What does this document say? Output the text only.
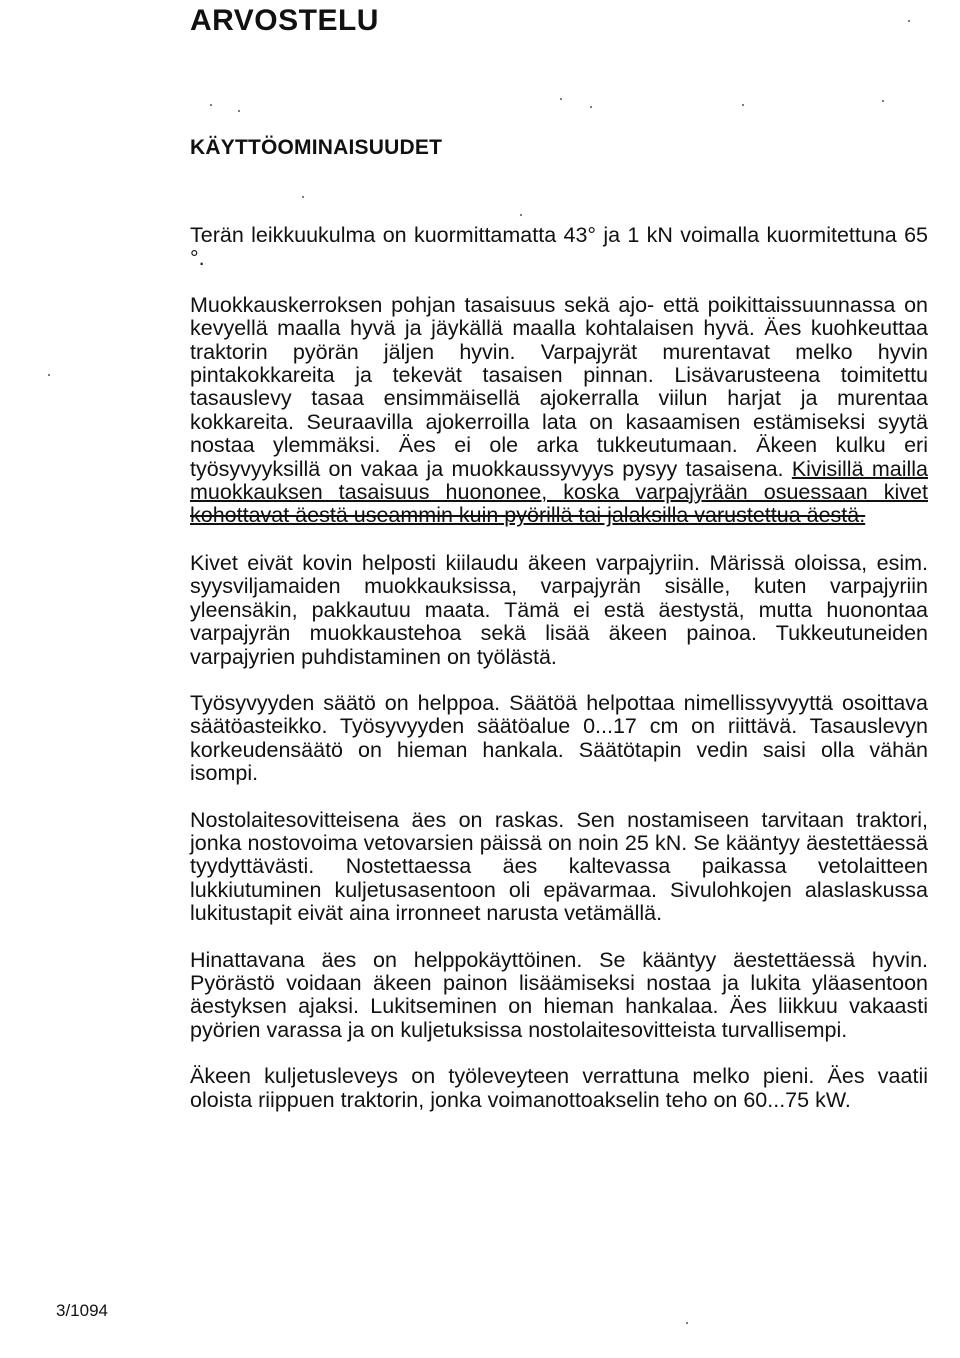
ARVOSTELU
KÄYTTÖOMINAISUUDET

Terän leikkuukulma on kuormittamatta 43° ja 1 kN voimalla kuormitettuna 65 °.

Muokkauskerroksen pohjan tasaisuus sekä ajo- että poikittaissuunnassa on kevyellä maalla hyvä ja jäykällä maalla kohtalaisen hyvä. Äes kuohkeuttaa traktorin pyörän jäljen hyvin. Varpajyrät murentavat melko hyvin pintakokkareita ja tekevät tasaisen pinnan. Lisävarusteena toimitettu tasauslevy tasaa ensimmäisellä ajokerralla viilun harjat ja murentaa kokkareita. Seuraavilla ajokerroilla lata on kasaamisen estämiseksi syytä nostaa ylemmäksi. Äes ei ole arka tukkeutumaan. Äkeen kulku eri työsyvyyksillä on vakaa ja muokkaussyvyys pysyy tasaisena. Kivisillä mailla muokkauksen tasaisuus huononee, koska varpajyrään osuessaan kivet kohottavat äestä useammin kuin pyörillä tai jalaksilla varustettua äestä.

Kivet eivät kovin helposti kiilaudu äkeen varpajyriin. Märissä oloissa, esim. syysviljamaiden muokkauksissa, varpajyrän sisälle, kuten varpajyriin yleensäkin, pakkautuu maata. Tämä ei estä äestystä, mutta huonontaa varpajyrän muokkaustehoa sekä lisää äkeen painoa. Tukkeutuneiden varpajyrien puhdistaminen on työlästä.

Työsyvyyden säätö on helppoa. Säätöä helpottaa nimellissyvyyttä osoittava säätöasteikko. Työsyvyyden säätöalue 0...17 cm on riittävä. Tasauslevyn korkeudensäätö on hieman hankala. Säätötapin vedin saisi olla vähän isompi.

Nostolaitesovitteisena äes on raskas. Sen nostamiseen tarvitaan traktori, jonka nostovoima vetovarsien päissä on noin 25 kN. Se kääntyy äestettäessä tyydyttävästi. Nostettaessa äes kaltevassa paikassa vetolaitteen lukkiutuminen kuljetusasentoon oli epävarmaa. Sivulohkojen alaslaskussa lukitustapit eivät aina irronneet narusta vetämällä.

Hinattavana äes on helppokäyttöinen. Se kääntyy äestettäessä hyvin. Pyörästö voidaan äkeen painon lisäämiseksi nostaa ja lukita yläasentoon äestyksen ajaksi. Lukitseminen on hieman hankalaa. Äes liikkuu vakaasti pyörien varassa ja on kuljetuksissa nostolaitesovitteista turvallisempi.

Äkeen kuljetusleveys on työleveyteen verrattuna melko pieni. Äes vaatii oloista riippuen traktorin, jonka voimanottoakselin teho on 60...75 kW.

3/1094
